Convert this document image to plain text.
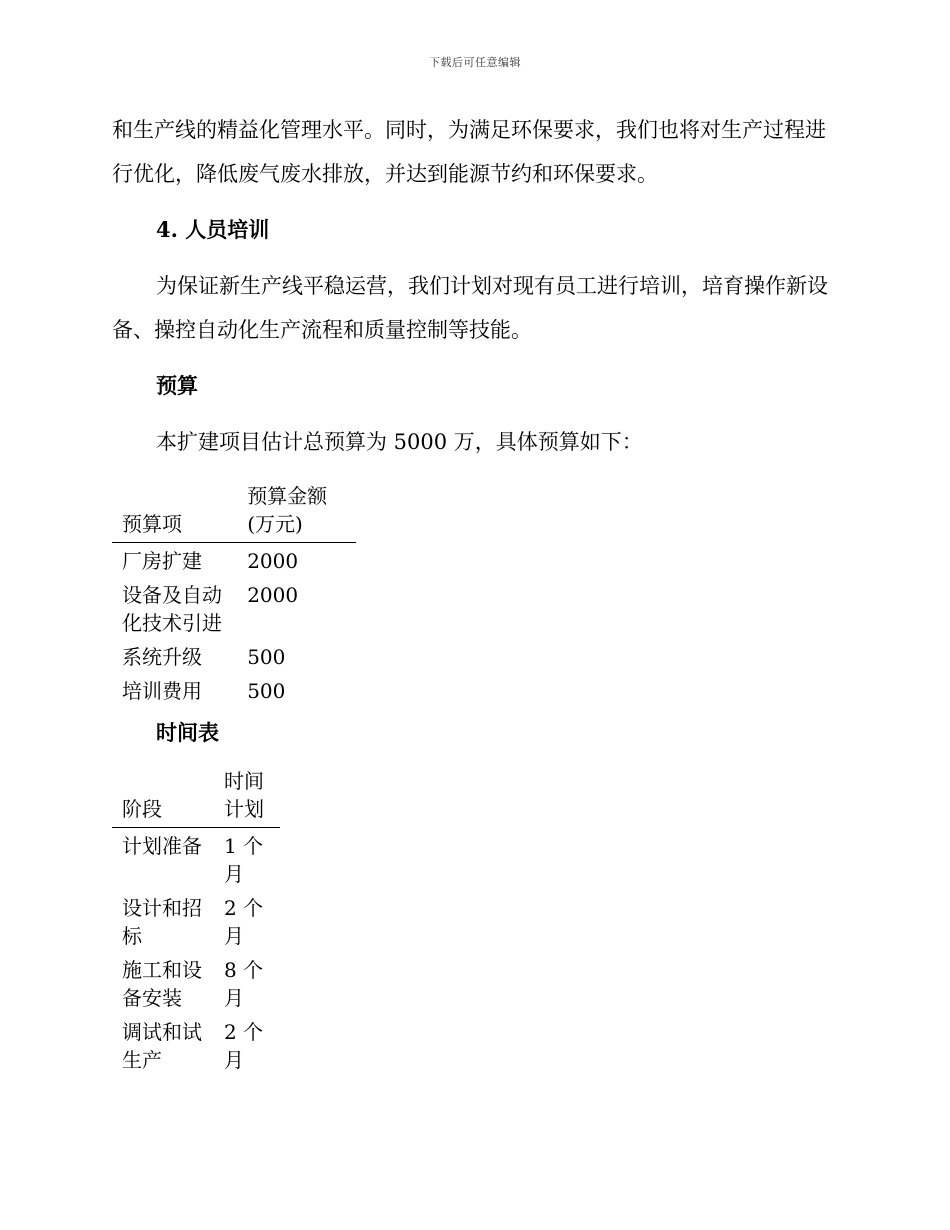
下载后可任意编辑

和生产线的精益化管理水平。同时，为满足环保要求，我们也将对生产过程进行优化，降低废气废水排放，并达到能源节约和环保要求。

4. 人员培训

为保证新生产线平稳运营，我们计划对现有员工进行培训，培育操作新设备、操控自动化生产流程和质量控制等技能。

预算

本扩建项目估计总预算为 5000 万，具体预算如下：

预算项	预算金额(万元)
厂房扩建	2000
设备及自动化技术引进	2000
系统升级	500
培训费用	500
时间表
阶段	时间计划
计划准备	1 个月
设计和招标	2 个月
施工和设备安装	8 个月
调试和试生产	2 个月
